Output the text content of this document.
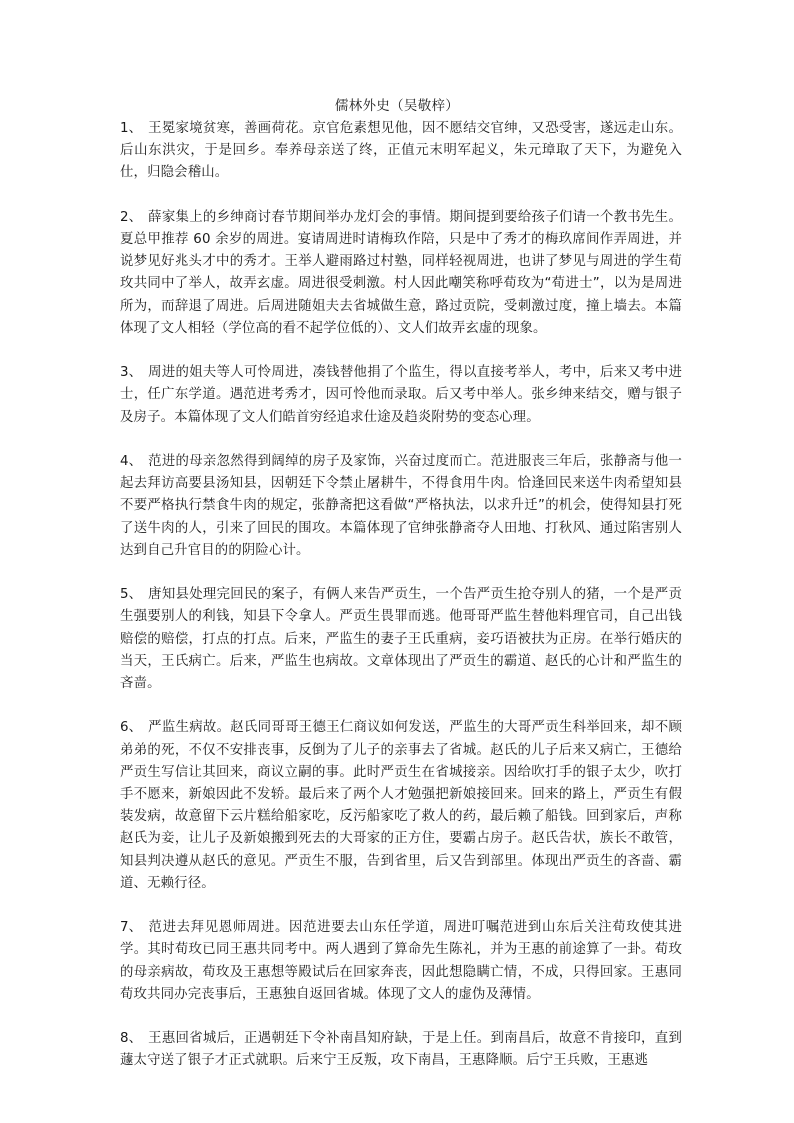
儒林外史（吴敬梓）

1、 王冕家境贫寒，善画荷花。京官危素想见他，因不愿结交官绅，又恐受害，遂远走山东。后山东洪灾，于是回乡。奉养母亲送了终，正值元末明军起义，朱元璋取了天下，为避免入仕，归隐会稽山。

2、 薛家集上的乡绅商讨春节期间举办龙灯会的事情。期间提到要给孩子们请一个教书先生。夏总甲推荐 60 余岁的周进。宴请周进时请梅玖作陪，只是中了秀才的梅玖席间作弄周进，并说梦见好兆头才中的秀才。王举人避雨路过村塾，同样轻视周进，也讲了梦见与周进的学生荀玫共同中了举人，故弄玄虚。周进很受刺激。村人因此嘲笑称呼荀玫为“荀进士”，以为是周进所为，而辞退了周进。后周进随姐夫去省城做生意，路过贡院，受刺激过度，撞上墙去。本篇体现了文人相轻（学位高的看不起学位低的）、文人们故弄玄虚的现象。

3、 周进的姐夫等人可怜周进，凑钱替他捐了个监生，得以直接考举人，考中，后来又考中进士，任广东学道。遇范进考秀才，因可怜他而录取。后又考中举人。张乡绅来结交，赠与银子及房子。本篇体现了文人们皓首穷经追求仕途及趋炎附势的变态心理。

4、 范进的母亲忽然得到阔绰的房子及家饰，兴奋过度而亡。范进服丧三年后，张静斋与他一起去拜访高要县汤知县，因朝廷下令禁止屠耕牛，不得食用牛肉。恰逢回民来送牛肉希望知县不要严格执行禁食牛肉的规定，张静斋把这看做“严格执法，以求升迁”的机会，使得知县打死了送牛肉的人，引来了回民的围攻。本篇体现了官绅张静斋夺人田地、打秋风、通过陷害别人达到自己升官目的的阴险心计。

5、 唐知县处理完回民的案子，有俩人来告严贡生，一个告严贡生抢夺别人的猪，一个是严贡生强要别人的利钱，知县下令拿人。严贡生畏罪而逃。他哥哥严监生替他料理官司，自己出钱赔偿的赔偿，打点的打点。后来，严监生的妻子王氏重病，妾巧语被扶为正房。在举行婚庆的当天，王氏病亡。后来，严监生也病故。文章体现出了严贡生的霸道、赵氏的心计和严监生的吝啬。

6、 严监生病故。赵氏同哥哥王德王仁商议如何发送，严监生的大哥严贡生科举回来，却不顾弟弟的死，不仅不安排丧事，反倒为了儿子的亲事去了省城。赵氏的儿子后来又病亡，王德给严贡生写信让其回来，商议立嗣的事。此时严贡生在省城接亲。因给吹打手的银子太少，吹打手不愿来，新娘因此不发轿。最后来了两个人才勉强把新娘接回来。回来的路上，严贡生有假装发病，故意留下云片糕给船家吃，反污船家吃了救人的药，最后赖了船钱。回到家后，声称赵氏为妾，让儿子及新娘搬到死去的大哥家的正方住，要霸占房子。赵氏告状，族长不敢管，知县判决遵从赵氏的意见。严贡生不服，告到省里，后又告到部里。体现出严贡生的吝啬、霸道、无赖行径。

7、 范进去拜见恩师周进。因范进要去山东任学道，周进叮嘱范进到山东后关注荀玫使其进学。其时荀玫已同王惠共同考中。两人遇到了算命先生陈礼，并为王惠的前途算了一卦。荀玫的母亲病故，荀玫及王惠想等殿试后在回家奔丧，因此想隐瞒亡情，不成，只得回家。王惠同荀玫共同办完丧事后，王惠独自返回省城。体现了文人的虚伪及薄情。

8、 王惠回省城后，正遇朝廷下令补南昌知府缺，于是上任。到南昌后，故意不肯接印，直到蘧太守送了银子才正式就职。后来宁王反叛，攻下南昌，王惠降顺。后宁王兵败，王惠逃
